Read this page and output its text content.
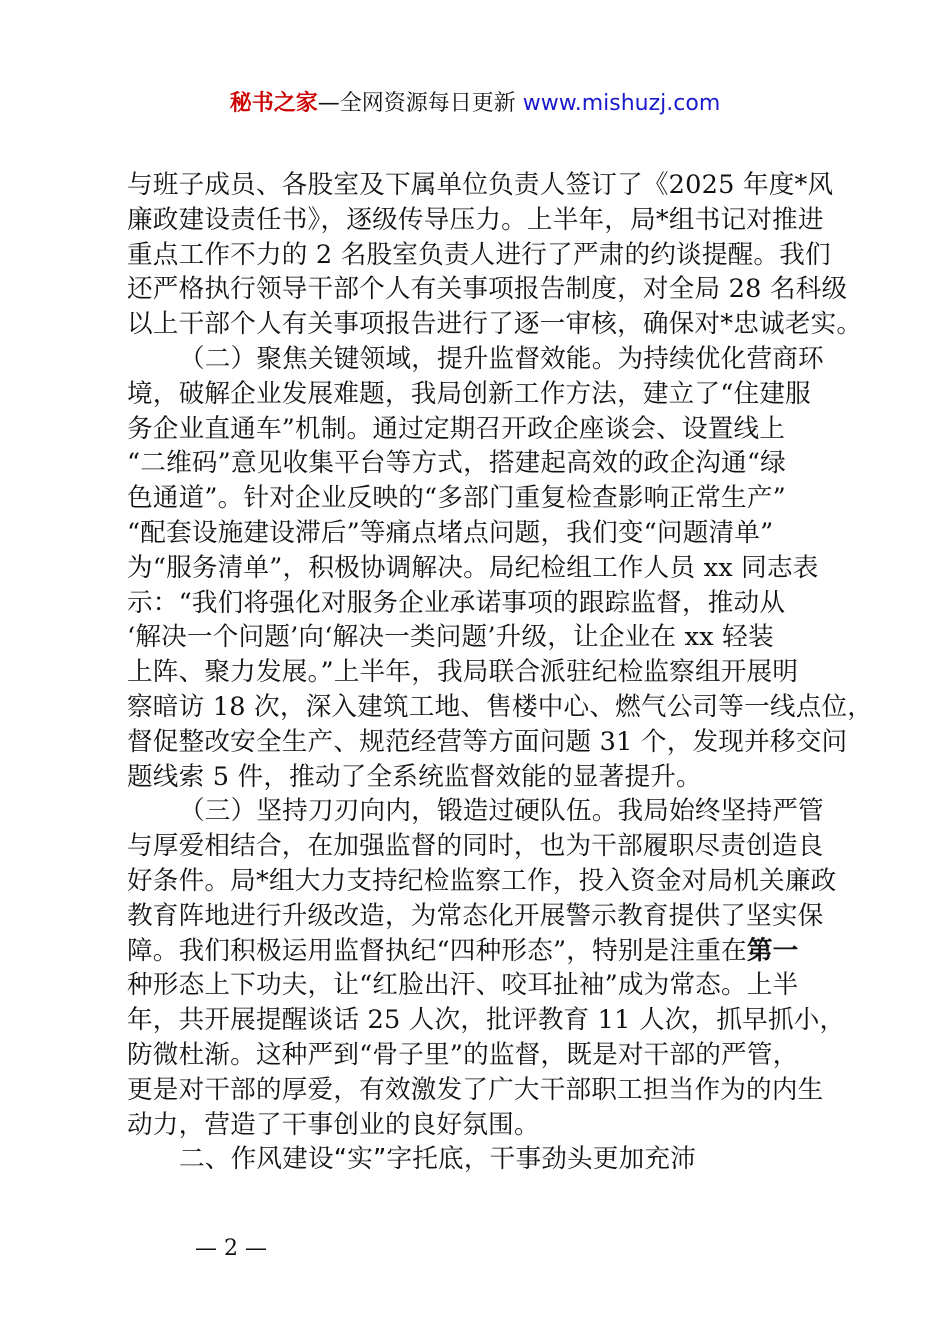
秘书之家—全网资源每日更新 www.mishuzj.com
与班子成员、各股室及下属单位负责人签订了《2025 年度*风
廉政建设责任书》，逐级传导压力。上半年，局*组书记对推进
重点工作不力的 2 名股室负责人进行了严肃的约谈提醒。我们
还严格执行领导干部个人有关事项报告制度，对全局 28 名科级
以上干部个人有关事项报告进行了逐一审核，确保对*忠诚老实。
（二）聚焦关键领域，提升监督效能。为持续优化营商环
境，破解企业发展难题，我局创新工作方法，建立了“住建服
务企业直通车”机制。通过定期召开政企座谈会、设置线上
“二维码”意见收集平台等方式，搭建起高效的政企沟通“绿
色通道”。针对企业反映的“多部门重复检查影响正常生产”
“配套设施建设滞后”等痛点堵点问题，我们变“问题清单”
为“服务清单”，积极协调解决。局纪检组工作人员 xx 同志表
示：“我们将强化对服务企业承诺事项的跟踪监督，推动从
‘解决一个问题’向‘解决一类问题’升级，让企业在 xx 轻装
上阵、聚力发展。”上半年，我局联合派驻纪检监察组开展明
察暗访 18 次，深入建筑工地、售楼中心、燃气公司等一线点位，
督促整改安全生产、规范经营等方面问题 31 个，发现并移交问
题线索 5 件，推动了全系统监督效能的显著提升。
（三）坚持刀刃向内，锻造过硬队伍。我局始终坚持严管
与厚爱相结合，在加强监督的同时，也为干部履职尽责创造良
好条件。局*组大力支持纪检监察工作，投入资金对局机关廉政
教育阵地进行升级改造，为常态化开展警示教育提供了坚实保
障。我们积极运用监督执纪“四种形态”，特别是注重在第一
种形态上下功夫，让“红脸出汗、咬耳扯袖”成为常态。上半
年，共开展提醒谈话 25 人次，批评教育 11 人次，抓早抓小，
防微杜渐。这种严到“骨子里”的监督，既是对干部的严管，
更是对干部的厚爱，有效激发了广大干部职工担当作为的内生
动力，营造了干事创业的良好氛围。
二、作风建设“实”字托底，干事劲头更加充沛
— 2 —
